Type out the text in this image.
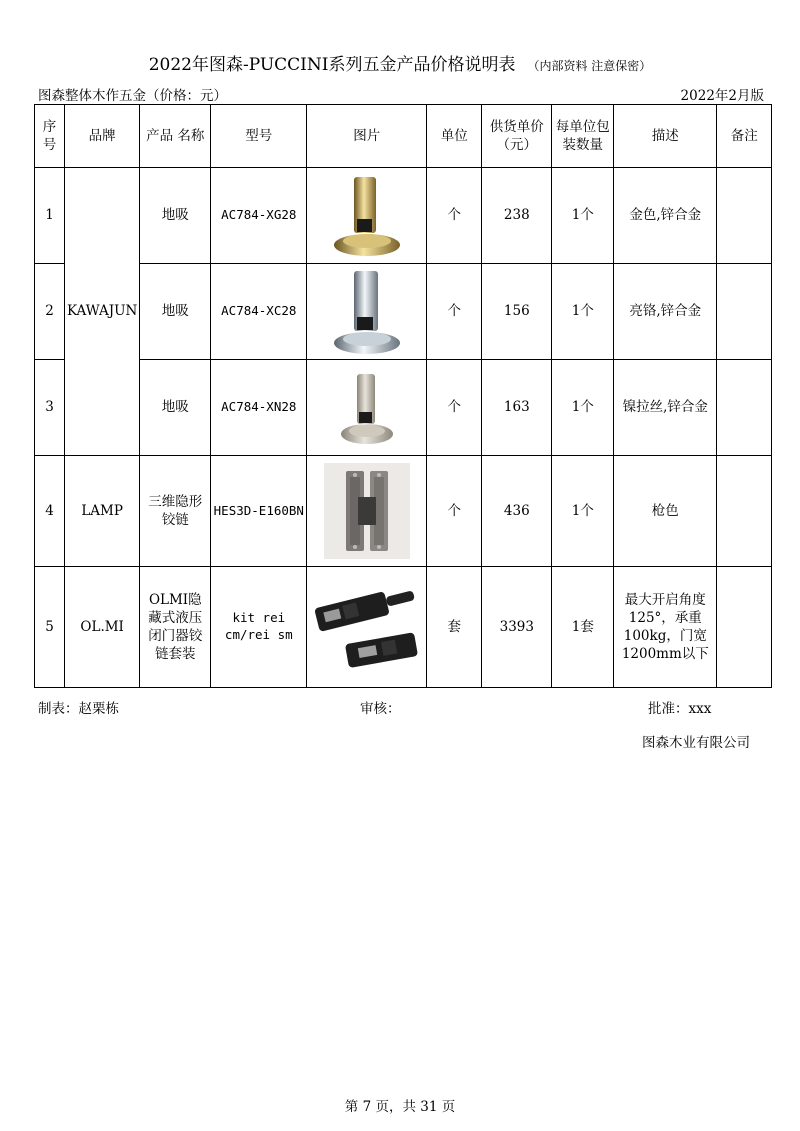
2022年图森-PUCCINI系列五金产品价格说明表 （内部资料 注意保密）
图森整体木作五金（价格：元）	2022年2月版
序号	品牌	产品 名称	型号	图片	单位	供货单价（元）	每单位包装数量	描述	备注
1	KAWAJUN	地吸	AC784-XG28		个	238	1个	金色,锌合金	
2		地吸	AC784-XC28		个	156	1个	亮铬,锌合金	
3		地吸	AC784-XN28		个	163	1个	镍拉丝,锌合金	
4	LAMP	三维隐形铰链	HES3D-E160BN		个	436	1个	枪色	
5	OL.MI	OLMI隐藏式液压闭门器铰链套装	kit rei cm/rei sm		套	3393	1套	最大开启角度125°，承重100kg，门宽1200mm以下	
制表：赵栗栋	审核：	批准：xxx
图森木业有限公司
第 7 页，共 31 页
